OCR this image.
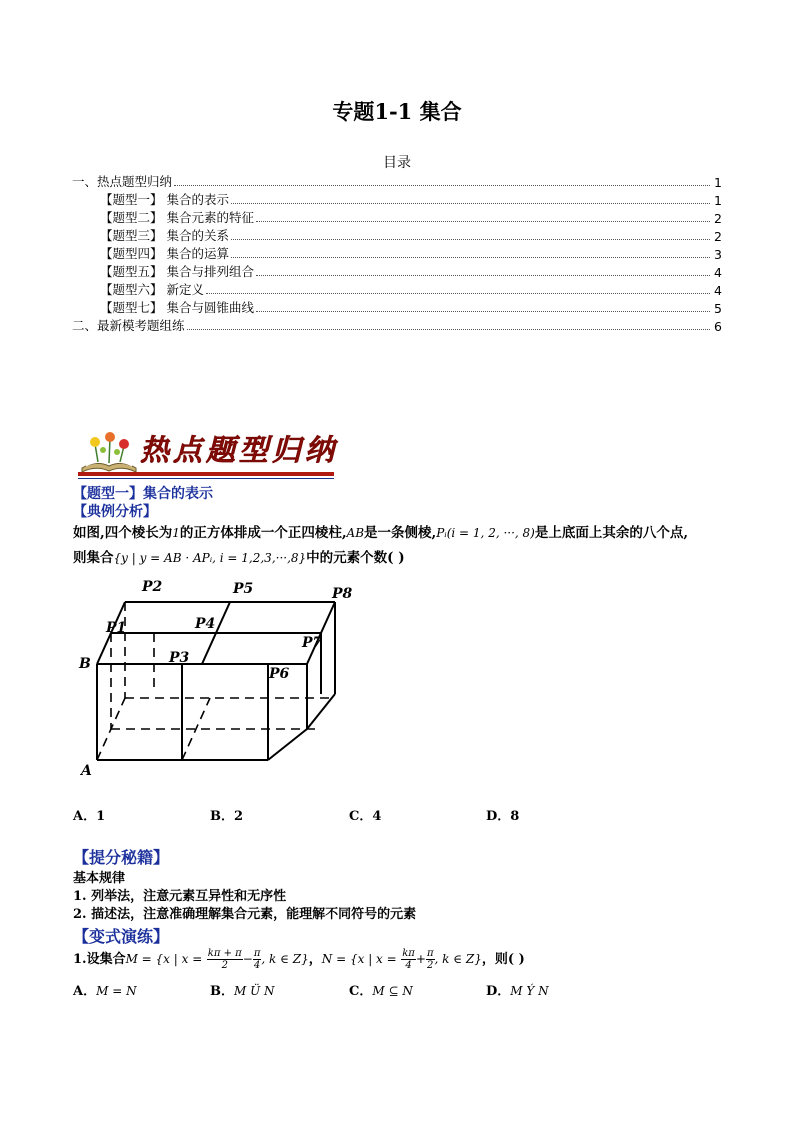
专题1-1 集合
目录
一、热点题型归纳	1
【题型一】 集合的表示	1
【题型二】 集合元素的特征	2
【题型三】 集合的关系	2
【题型四】 集合的运算	3
【题型五】 集合与排列组合	4
【题型六】 新定义	4
【题型七】 集合与圆锥曲线	5
二、最新模考题组练	6
热点题型归纳
【题型一】集合的表示
【典例分析】
如图,四个棱长为1的正方体排成一个正四棱柱,AB是一条侧棱,Pᵢ(i = 1, 2, ···, 8)是上底面上其余的八个点,
则集合{y | y = AB · APᵢ, i = 1,2,3,···,8}中的元素个数( )
P2	P5	P8
P1	P4
P7
B	P3
P6
A
A．1	B．2	C．4	D．8
【提分秘籍】
基本规律
1. 列举法，注意元素互异性和无序性
2. 描述法，注意准确理解集合元素，能理解不同符号的元素
【变式演练】
1.设集合M = {x | $x = \frac{k\pi + \pi}{2} - \frac{\pi}{4}$ , k ∈ Z}，N = {x | $x = \frac{k\pi}{4} + \frac{\pi}{2}$ , k ∈ Z}，则( )
A．M = N	B．M Ü N	C．M ⊆ N	D．M Ý N
